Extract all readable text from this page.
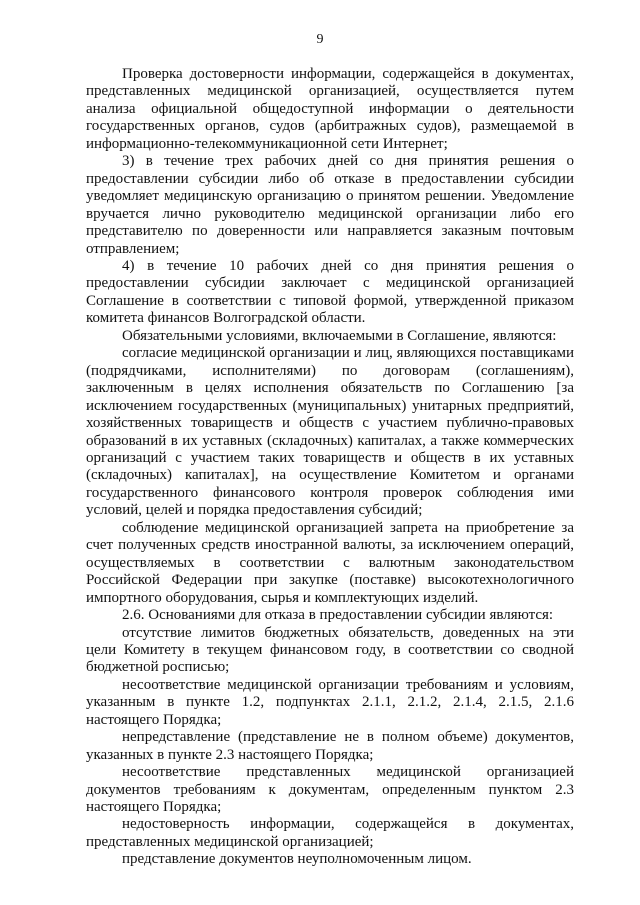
9

Проверка достоверности информации, содержащейся в документах, представленных медицинской организацией, осуществляется путем анализа официальной общедоступной информации о деятельности государственных органов, судов (арбитражных судов), размещаемой в информационно-телекоммуникационной сети Интернет;

3) в течение трех рабочих дней со дня принятия решения о предоставлении субсидии либо об отказе в предоставлении субсидии уведомляет медицинскую организацию о принятом решении. Уведомление вручается лично руководителю медицинской организации либо его представителю по доверенности или направляется заказным почтовым отправлением;

4) в течение 10 рабочих дней со дня принятия решения о предоставлении субсидии заключает с медицинской организацией Соглашение в соответствии с типовой формой, утвержденной приказом комитета финансов Волгоградской области.

Обязательными условиями, включаемыми в Соглашение, являются:

согласие медицинской организации и лиц, являющихся поставщиками (подрядчиками, исполнителями) по договорам (соглашениям), заключенным в целях исполнения обязательств по Соглашению [за исключением государственных (муниципальных) унитарных предприятий, хозяйственных товариществ и обществ с участием публично-правовых образований в их уставных (складочных) капиталах, а также коммерческих организаций с участием таких товариществ и обществ в их уставных (складочных) капиталах], на осуществление Комитетом и органами государственного финансового контроля проверок соблюдения ими условий, целей и порядка предоставления субсидий;

соблюдение медицинской организацией запрета на приобретение за счет полученных средств иностранной валюты, за исключением операций, осуществляемых в соответствии с валютным законодательством Российской Федерации при закупке (поставке) высокотехнологичного импортного оборудования, сырья и комплектующих изделий.

2.6. Основаниями для отказа в предоставлении субсидии являются:

отсутствие лимитов бюджетных обязательств, доведенных на эти цели Комитету в текущем финансовом году, в соответствии со сводной бюджетной росписью;

несоответствие медицинской организации требованиям и условиям, указанным в пункте 1.2, подпунктах 2.1.1, 2.1.2, 2.1.4, 2.1.5, 2.1.6 настоящего Порядка;

непредставление (представление не в полном объеме) документов, указанных в пункте 2.3 настоящего Порядка;

несоответствие представленных медицинской организацией документов требованиям к документам, определенным пунктом 2.3 настоящего Порядка;

недостоверность информации, содержащейся в документах, представленных медицинской организацией;

представление документов неуполномоченным лицом.
